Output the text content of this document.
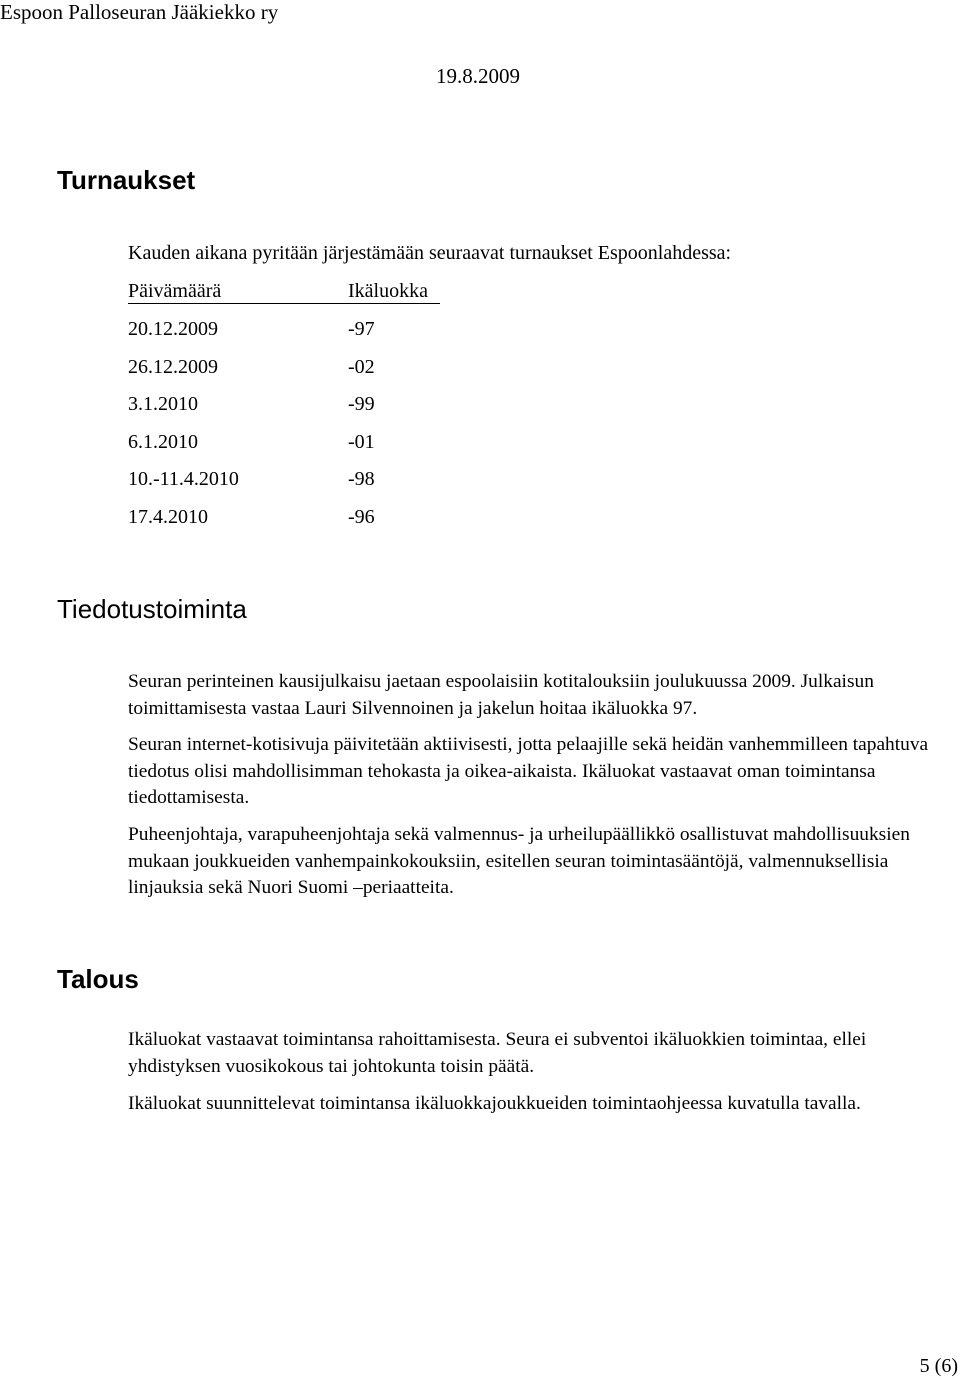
Espoon Palloseuran Jääkiekko ry
19.8.2009
Turnaukset
Kauden aikana pyritään järjestämään seuraavat turnaukset Espoonlahdessa:
Päivämäärä	Ikäluokka
20.12.2009	-97
26.12.2009	-02
3.1.2010	-99
6.1.2010	-01
10.-11.4.2010	-98
17.4.2010	-96
Tiedotustoiminta

Seuran perinteinen kausijulkaisu jaetaan espoolaisiin kotitalouksiin joulukuussa 2009. Julkaisun toimittamisesta vastaa Lauri Silvennoinen ja jakelun hoitaa ikäluokka 97.

Seuran internet-kotisivuja päivitetään aktiivisesti, jotta pelaajille sekä heidän vanhemmilleen tapahtuva tiedotus olisi mahdollisimman tehokasta ja oikea-aikaista. Ikäluokat vastaavat oman toimintansa tiedottamisesta.

Puheenjohtaja, varapuheenjohtaja sekä valmennus- ja urheilupäällikkö osallistuvat mahdollisuuksien mukaan joukkueiden vanhempainkokouksiin, esitellen seuran toimintasääntöjä, valmennuksellisia linjauksia sekä Nuori Suomi –periaatteita.

Talous

Ikäluokat vastaavat toimintansa rahoittamisesta. Seura ei subventoi ikäluokkien toimintaa, ellei yhdistyksen vuosikokous tai johtokunta toisin päätä.

Ikäluokat suunnittelevat toimintansa ikäluokkajoukkueiden toimintaohjeessa kuvatulla tavalla.

5 (6)
